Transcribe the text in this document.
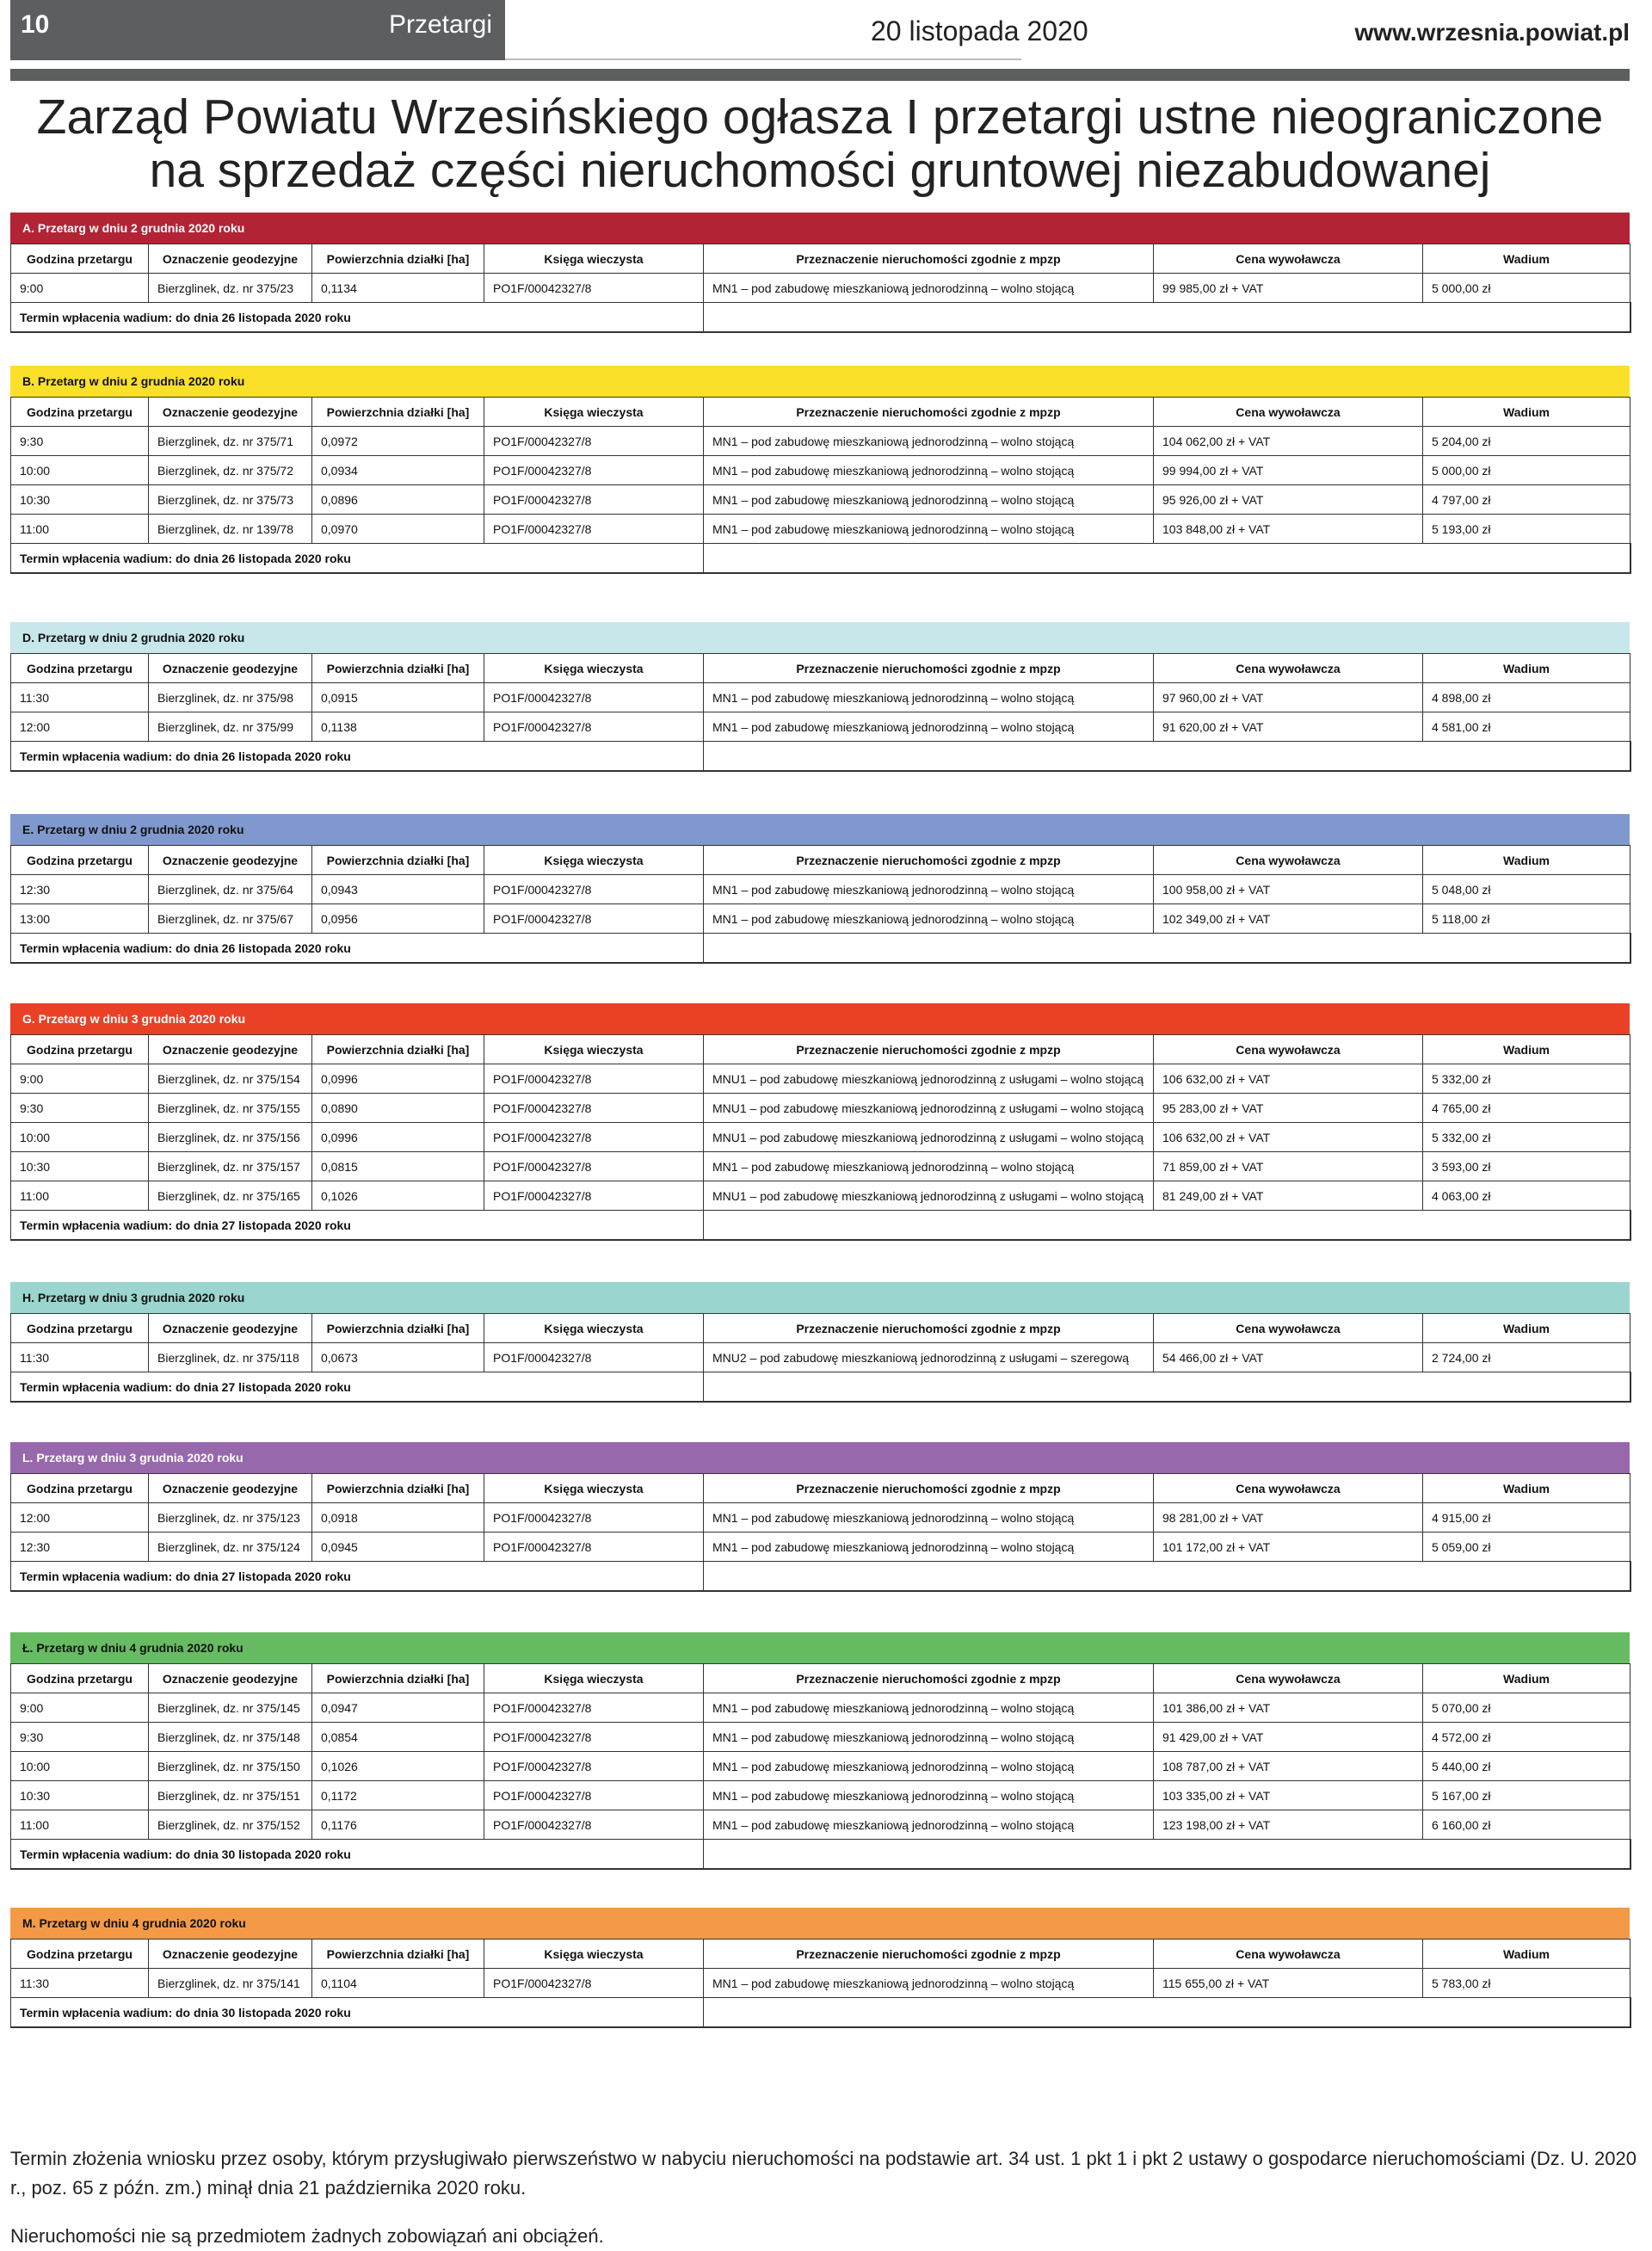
10	Przetargi	20 listopada 2020	www.wrzesnia.powiat.pl
Zarząd Powiatu Wrzesińskiego ogłasza I przetargi ustne nieograniczone
na sprzedaż części nieruchomości gruntowej niezabudowanej
A. Przetarg w dniu 2 grudnia 2020 roku
Godzina przetargu	Oznaczenie geodezyjne	Powierzchnia działki [ha]	Księga wieczysta	Przeznaczenie nieruchomości zgodnie z mpzp	Cena wywoławcza	Wadium
9:00	Bierzglinek, dz. nr 375/23	0,1134	PO1F/00042327/8	MN1 – pod zabudowę mieszkaniową jednorodzinną – wolno stojącą	99 985,00 zł + VAT	5 000,00 zł
Termin wpłacenia wadium: do dnia 26 listopada 2020 roku						
B. Przetarg w dniu 2 grudnia 2020 roku
Godzina przetargu	Oznaczenie geodezyjne	Powierzchnia działki [ha]	Księga wieczysta	Przeznaczenie nieruchomości zgodnie z mpzp	Cena wywoławcza	Wadium
9:30	Bierzglinek, dz. nr 375/71	0,0972	PO1F/00042327/8	MN1 – pod zabudowę mieszkaniową jednorodzinną – wolno stojącą	104 062,00 zł + VAT	5 204,00 zł
10:00	Bierzglinek, dz. nr 375/72	0,0934	PO1F/00042327/8	MN1 – pod zabudowę mieszkaniową jednorodzinną – wolno stojącą	99 994,00 zł + VAT	5 000,00 zł
10:30	Bierzglinek, dz. nr 375/73	0,0896	PO1F/00042327/8	MN1 – pod zabudowę mieszkaniową jednorodzinną – wolno stojącą	95 926,00 zł + VAT	4 797,00 zł
11:00	Bierzglinek, dz. nr 139/78	0,0970	PO1F/00042327/8	MN1 – pod zabudowę mieszkaniową jednorodzinną – wolno stojącą	103 848,00 zł + VAT	5 193,00 zł
Termin wpłacenia wadium: do dnia 26 listopada 2020 roku						
D. Przetarg w dniu 2 grudnia 2020 roku
Godzina przetargu	Oznaczenie geodezyjne	Powierzchnia działki [ha]	Księga wieczysta	Przeznaczenie nieruchomości zgodnie z mpzp	Cena wywoławcza	Wadium
11:30	Bierzglinek, dz. nr 375/98	0,0915	PO1F/00042327/8	MN1 – pod zabudowę mieszkaniową jednorodzinną – wolno stojącą	97 960,00 zł + VAT	4 898,00 zł
12:00	Bierzglinek, dz. nr 375/99	0,1138	PO1F/00042327/8	MN1 – pod zabudowę mieszkaniową jednorodzinną – wolno stojącą	91 620,00 zł + VAT	4 581,00 zł
Termin wpłacenia wadium: do dnia 26 listopada 2020 roku						
E. Przetarg w dniu 2 grudnia 2020 roku
Godzina przetargu	Oznaczenie geodezyjne	Powierzchnia działki [ha]	Księga wieczysta	Przeznaczenie nieruchomości zgodnie z mpzp	Cena wywoławcza	Wadium
12:30	Bierzglinek, dz. nr 375/64	0,0943	PO1F/00042327/8	MN1 – pod zabudowę mieszkaniową jednorodzinną – wolno stojącą	100 958,00 zł + VAT	5 048,00 zł
13:00	Bierzglinek, dz. nr 375/67	0,0956	PO1F/00042327/8	MN1 – pod zabudowę mieszkaniową jednorodzinną – wolno stojącą	102 349,00 zł + VAT	5 118,00 zł
Termin wpłacenia wadium: do dnia 26 listopada 2020 roku						
G. Przetarg w dniu 3 grudnia 2020 roku
Godzina przetargu	Oznaczenie geodezyjne	Powierzchnia działki [ha]	Księga wieczysta	Przeznaczenie nieruchomości zgodnie z mpzp	Cena wywoławcza	Wadium
9:00	Bierzglinek, dz. nr 375/154	0,0996	PO1F/00042327/8	MNU1 – pod zabudowę mieszkaniową jednorodzinną z usługami – wolno stojącą	106 632,00 zł + VAT	5 332,00 zł
9:30	Bierzglinek, dz. nr 375/155	0,0890	PO1F/00042327/8	MNU1 – pod zabudowę mieszkaniową jednorodzinną z usługami – wolno stojącą	95 283,00 zł + VAT	4 765,00 zł
10:00	Bierzglinek, dz. nr 375/156	0,0996	PO1F/00042327/8	MNU1 – pod zabudowę mieszkaniową jednorodzinną z usługami – wolno stojącą	106 632,00 zł + VAT	5 332,00 zł
10:30	Bierzglinek, dz. nr 375/157	0,0815	PO1F/00042327/8	MN1 – pod zabudowę mieszkaniową jednorodzinną – wolno stojącą	71 859,00 zł + VAT	3 593,00 zł
11:00	Bierzglinek, dz. nr 375/165	0,1026	PO1F/00042327/8	MNU1 – pod zabudowę mieszkaniową jednorodzinną z usługami – wolno stojącą	81 249,00 zł + VAT	4 063,00 zł
Termin wpłacenia wadium: do dnia 27 listopada 2020 roku						
H. Przetarg w dniu 3 grudnia 2020 roku
Godzina przetargu	Oznaczenie geodezyjne	Powierzchnia działki [ha]	Księga wieczysta	Przeznaczenie nieruchomości zgodnie z mpzp	Cena wywoławcza	Wadium
11:30	Bierzglinek, dz. nr 375/118	0,0673	PO1F/00042327/8	MNU2 – pod zabudowę mieszkaniową jednorodzinną z usługami – szeregową	54 466,00 zł + VAT	2 724,00 zł
Termin wpłacenia wadium: do dnia 27 listopada 2020 roku						
L. Przetarg w dniu 3 grudnia 2020 roku
Godzina przetargu	Oznaczenie geodezyjne	Powierzchnia działki [ha]	Księga wieczysta	Przeznaczenie nieruchomości zgodnie z mpzp	Cena wywoławcza	Wadium
12:00	Bierzglinek, dz. nr 375/123	0,0918	PO1F/00042327/8	MN1 – pod zabudowę mieszkaniową jednorodzinną – wolno stojącą	98 281,00 zł + VAT	4 915,00 zł
12:30	Bierzglinek, dz. nr 375/124	0,0945	PO1F/00042327/8	MN1 – pod zabudowę mieszkaniową jednorodzinną – wolno stojącą	101 172,00 zł + VAT	5 059,00 zł
Termin wpłacenia wadium: do dnia 27 listopada 2020 roku						
Ł. Przetarg w dniu 4 grudnia 2020 roku
Godzina przetargu	Oznaczenie geodezyjne	Powierzchnia działki [ha]	Księga wieczysta	Przeznaczenie nieruchomości zgodnie z mpzp	Cena wywoławcza	Wadium
9:00	Bierzglinek, dz. nr 375/145	0,0947	PO1F/00042327/8	MN1 – pod zabudowę mieszkaniową jednorodzinną – wolno stojącą	101 386,00 zł + VAT	5 070,00 zł
9:30	Bierzglinek, dz. nr 375/148	0,0854	PO1F/00042327/8	MN1 – pod zabudowę mieszkaniową jednorodzinną – wolno stojącą	91 429,00 zł + VAT	4 572,00 zł
10:00	Bierzglinek, dz. nr 375/150	0,1026	PO1F/00042327/8	MN1 – pod zabudowę mieszkaniową jednorodzinną – wolno stojącą	108 787,00 zł + VAT	5 440,00 zł
10:30	Bierzglinek, dz. nr 375/151	0,1172	PO1F/00042327/8	MN1 – pod zabudowę mieszkaniową jednorodzinną – wolno stojącą	103 335,00 zł + VAT	5 167,00 zł
11:00	Bierzglinek, dz. nr 375/152	0,1176	PO1F/00042327/8	MN1 – pod zabudowę mieszkaniową jednorodzinną – wolno stojącą	123 198,00 zł + VAT	6 160,00 zł
Termin wpłacenia wadium: do dnia 30 listopada 2020 roku						
M. Przetarg w dniu 4 grudnia 2020 roku
Godzina przetargu	Oznaczenie geodezyjne	Powierzchnia działki [ha]	Księga wieczysta	Przeznaczenie nieruchomości zgodnie z mpzp	Cena wywoławcza	Wadium
11:30	Bierzglinek, dz. nr 375/141	0,1104	PO1F/00042327/8	MN1 – pod zabudowę mieszkaniową jednorodzinną – wolno stojącą	115 655,00 zł + VAT	5 783,00 zł
Termin wpłacenia wadium: do dnia 30 listopada 2020 roku						

Termin złożenia wniosku przez osoby, którym przysługiwało pierwszeństwo w nabyciu nieruchomości na podstawie art. 34 ust. 1 pkt 1 i pkt 2 ustawy o gospodarce nieruchomościami (Dz. U. 2020 r., poz. 65 z późn. zm.) minął dnia 21 października 2020 roku.

Nieruchomości nie są przedmiotem żadnych zobowiązań ani obciążeń.
